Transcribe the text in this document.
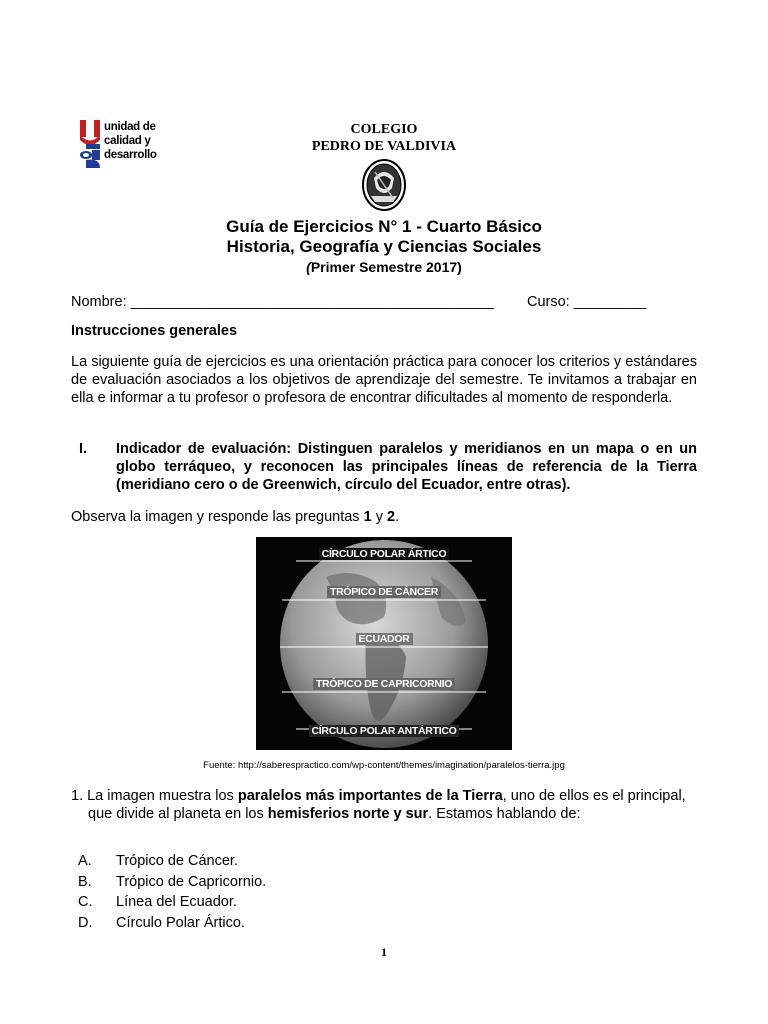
unidad de
calidad y
desarrollo
COLEGIO
PEDRO DE VALDIVIA
Guía de Ejercicios N° 1 - Cuarto Básico
Historia, Geografía y Ciencias Sociales
(Primer Semestre 2017)
Nombre: _____________________________________________ Curso: _________
Instrucciones generales
La siguiente guía de ejercicios es una orientación práctica para conocer los criterios y estándares de evaluación asociados a los objetivos de aprendizaje del semestre. Te invitamos a trabajar en ella e informar a tu profesor o profesora de encontrar dificultades al momento de responderla.
I. Indicador de evaluación: Distinguen paralelos y meridianos en un mapa o en un globo terráqueo, y reconocen las principales líneas de referencia de la Tierra (meridiano cero o de Greenwich, círculo del Ecuador, entre otras).
Observa la imagen y responde las preguntas 1 y 2.
CÍRCULO POLAR ÁRTICO
TRÓPICO DE CÁNCER
ECUADOR
TRÓPICO DE CAPRICORNIO
CÍRCULO POLAR ANTÁRTICO
Fuente: http://saberespractico.com/wp-content/themes/imagination/paralelos-tierra.jpg
1. La imagen muestra los paralelos más importantes de la Tierra, uno de ellos es el principal,
que divide al planeta en los hemisferios norte y sur. Estamos hablando de:
A. Trópico de Cáncer.
B. Trópico de Capricornio.
C. Línea del Ecuador.
D. Círculo Polar Ártico.
1
